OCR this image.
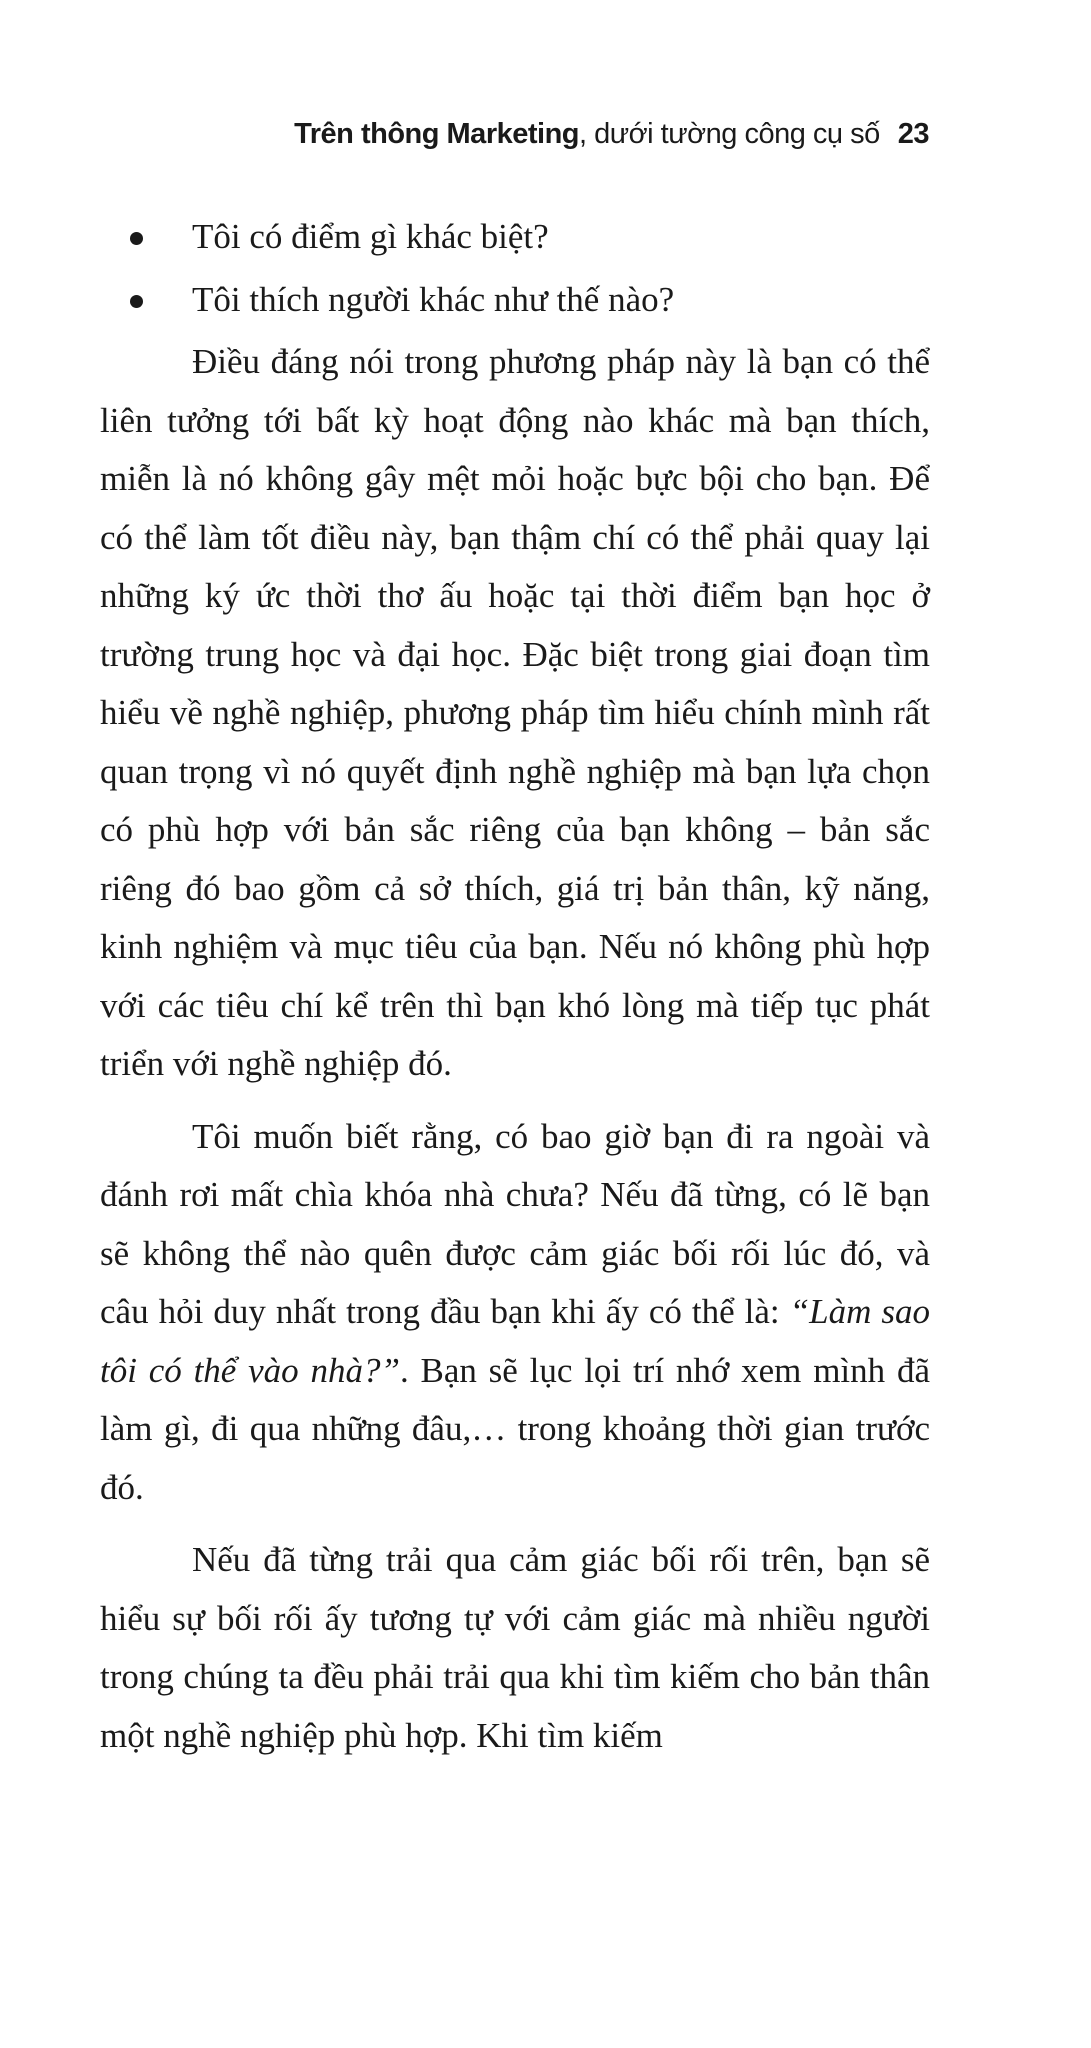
Trên thông Marketing, dưới tường công cụ số 23
Tôi có điểm gì khác biệt?
Tôi thích người khác như thế nào?

Điều đáng nói trong phương pháp này là bạn có thể liên tưởng tới bất kỳ hoạt động nào khác mà bạn thích, miễn là nó không gây mệt mỏi hoặc bực bội cho bạn. Để có thể làm tốt điều này, bạn thậm chí có thể phải quay lại những ký ức thời thơ ấu hoặc tại thời điểm bạn học ở trường trung học và đại học. Đặc biệt trong giai đoạn tìm hiểu về nghề nghiệp, phương pháp tìm hiểu chính mình rất quan trọng vì nó quyết định nghề nghiệp mà bạn lựa chọn có phù hợp với bản sắc riêng của bạn không – bản sắc riêng đó bao gồm cả sở thích, giá trị bản thân, kỹ năng, kinh nghiệm và mục tiêu của bạn. Nếu nó không phù hợp với các tiêu chí kể trên thì bạn khó lòng mà tiếp tục phát triển với nghề nghiệp đó.

Tôi muốn biết rằng, có bao giờ bạn đi ra ngoài và đánh rơi mất chìa khóa nhà chưa? Nếu đã từng, có lẽ bạn sẽ không thể nào quên được cảm giác bối rối lúc đó, và câu hỏi duy nhất trong đầu bạn khi ấy có thể là: “Làm sao tôi có thể vào nhà?”. Bạn sẽ lục lọi trí nhớ xem mình đã làm gì, đi qua những đâu,… trong khoảng thời gian trước đó.

Nếu đã từng trải qua cảm giác bối rối trên, bạn sẽ hiểu sự bối rối ấy tương tự với cảm giác mà nhiều người trong chúng ta đều phải trải qua khi tìm kiếm cho bản thân một nghề nghiệp phù hợp. Khi tìm kiếm
